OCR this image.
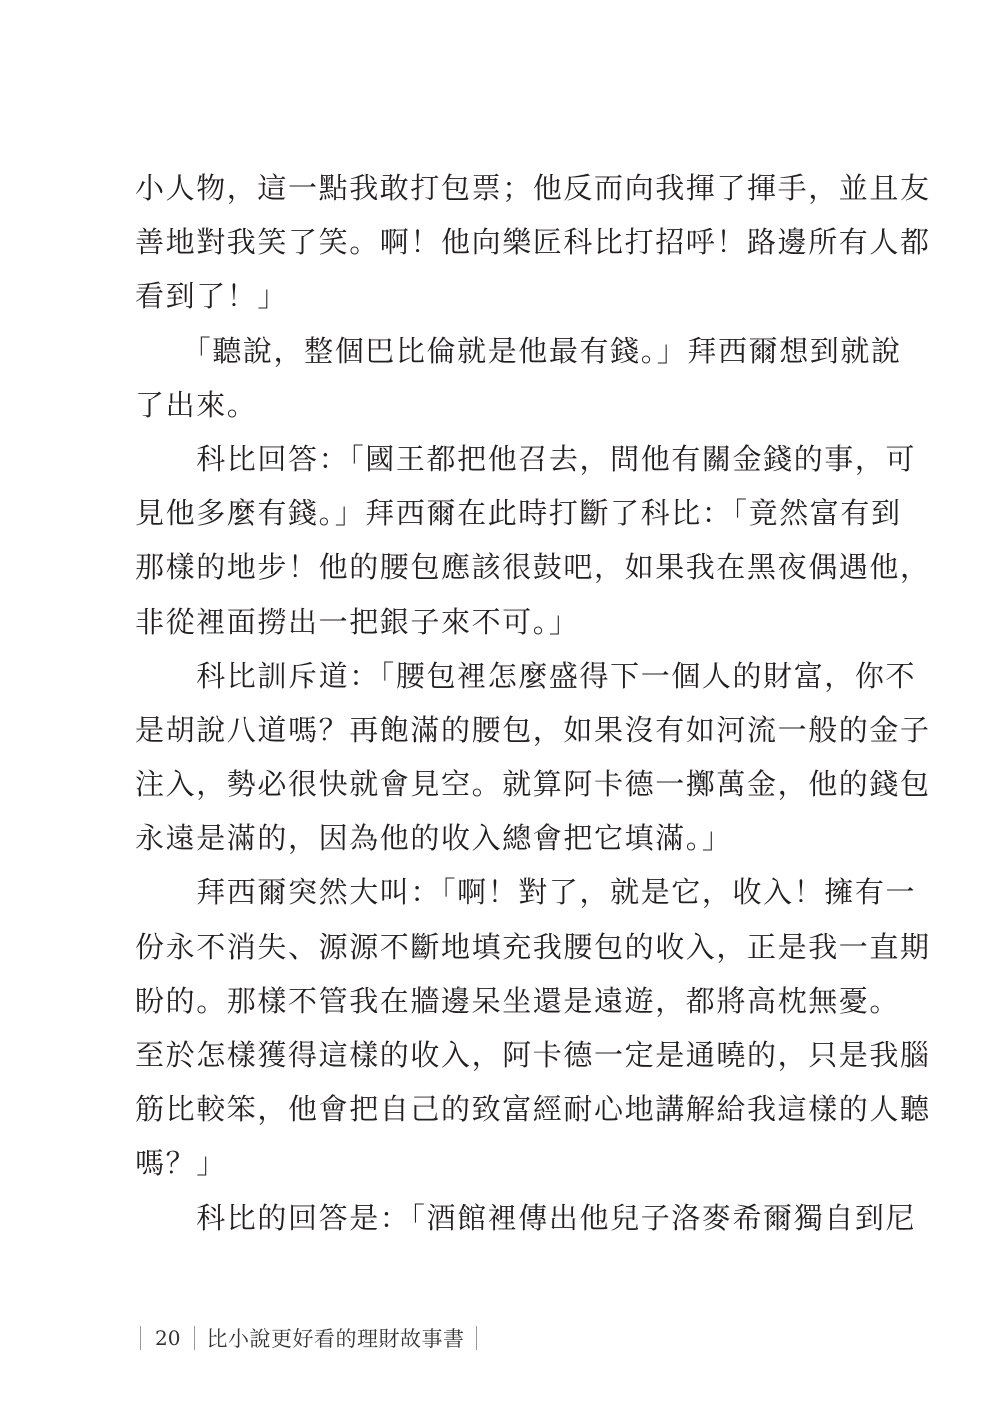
小人物，這一點我敢打包票；他反而向我揮了揮手，並且友
善地對我笑了笑。啊！他向樂匠科比打招呼！路邊所有人都
看到了！」
　　「聽說，整個巴比倫就是他最有錢。」拜西爾想到就說
了出來。
　　科比回答：「國王都把他召去，問他有關金錢的事，可
見他多麼有錢。」拜西爾在此時打斷了科比：「竟然富有到
那樣的地步！他的腰包應該很鼓吧，如果我在黑夜偶遇他，
非從裡面撈出一把銀子來不可。」
　　科比訓斥道：「腰包裡怎麼盛得下一個人的財富，你不
是胡說八道嗎？再飽滿的腰包，如果沒有如河流一般的金子
注入，勢必很快就會見空。就算阿卡德一擲萬金，他的錢包
永遠是滿的，因為他的收入總會把它填滿。」
　　拜西爾突然大叫：「啊！對了，就是它，收入！擁有一
份永不消失、源源不斷地填充我腰包的收入，正是我一直期
盼的。那樣不管我在牆邊呆坐還是遠遊，都將高枕無憂。
至於怎樣獲得這樣的收入，阿卡德一定是通曉的，只是我腦
筋比較笨，他會把自己的致富經耐心地講解給我這樣的人聽
嗎？」
　　科比的回答是：「酒館裡傳出他兒子洛麥希爾獨自到尼
20 比小說更好看的理財故事書
